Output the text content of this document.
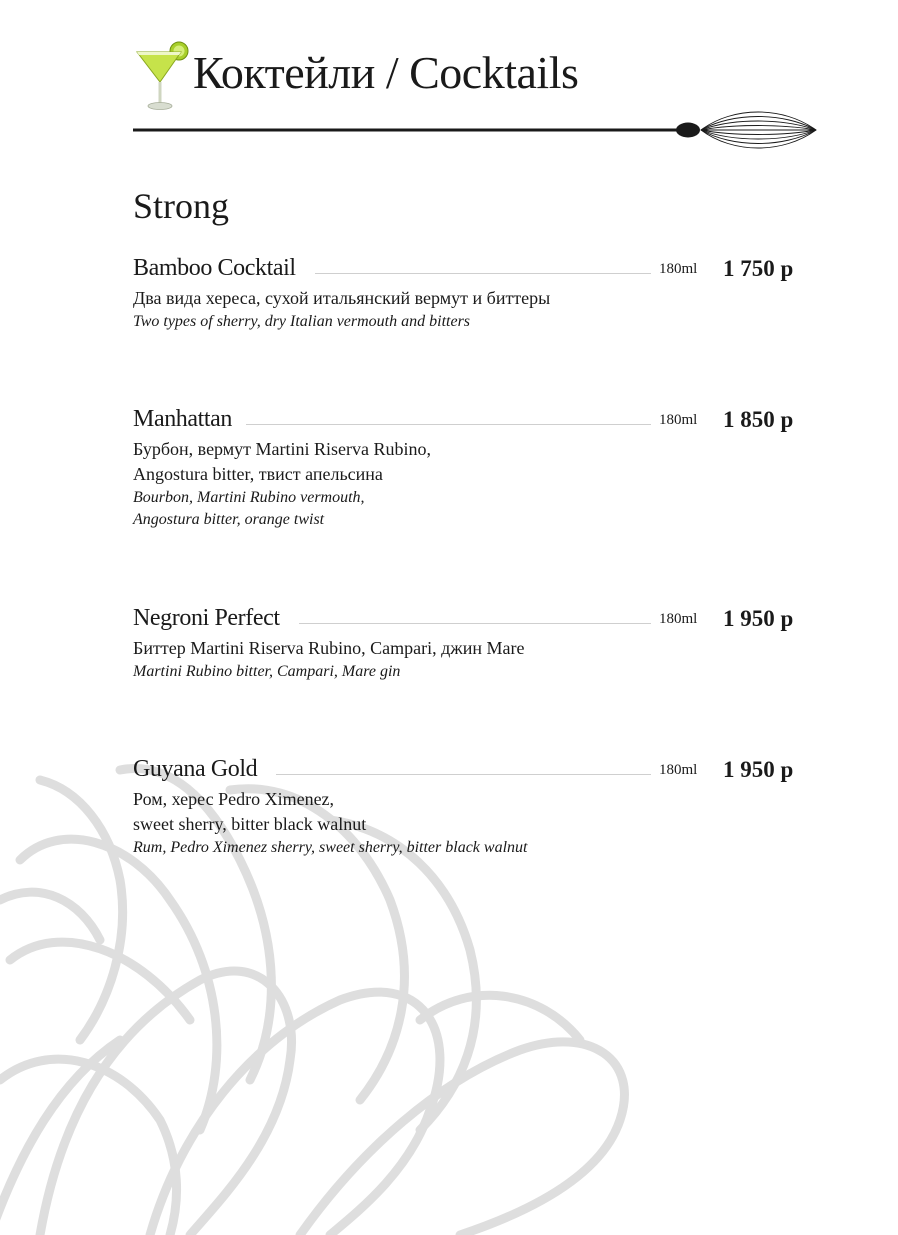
Коктейли / Cocktails
Strong
Bamboo Cocktail	180ml 1 750 р
Два вида хереса, сухой итальянский вермут и биттеры
Two types of sherry, dry Italian vermouth and bitters
Manhattan	180ml 1 850 р
Бурбон, вермут Martini Riserva Rubino,
Angostura bitter, твист апельсина
Bourbon, Martini Rubino vermouth,
Angostura bitter, orange twist
Negroni Perfect	180ml 1 950 р
Биттер Martini Riserva Rubino, Campari, джин Mare
Martini Rubino bitter, Campari, Mare gin
Guyana Gold	180ml 1 950 р
Ром, херес Pedro Ximenez,
sweet sherry, bitter black walnut
Rum, Pedro Ximenez sherry, sweet sherry, bitter black walnut
